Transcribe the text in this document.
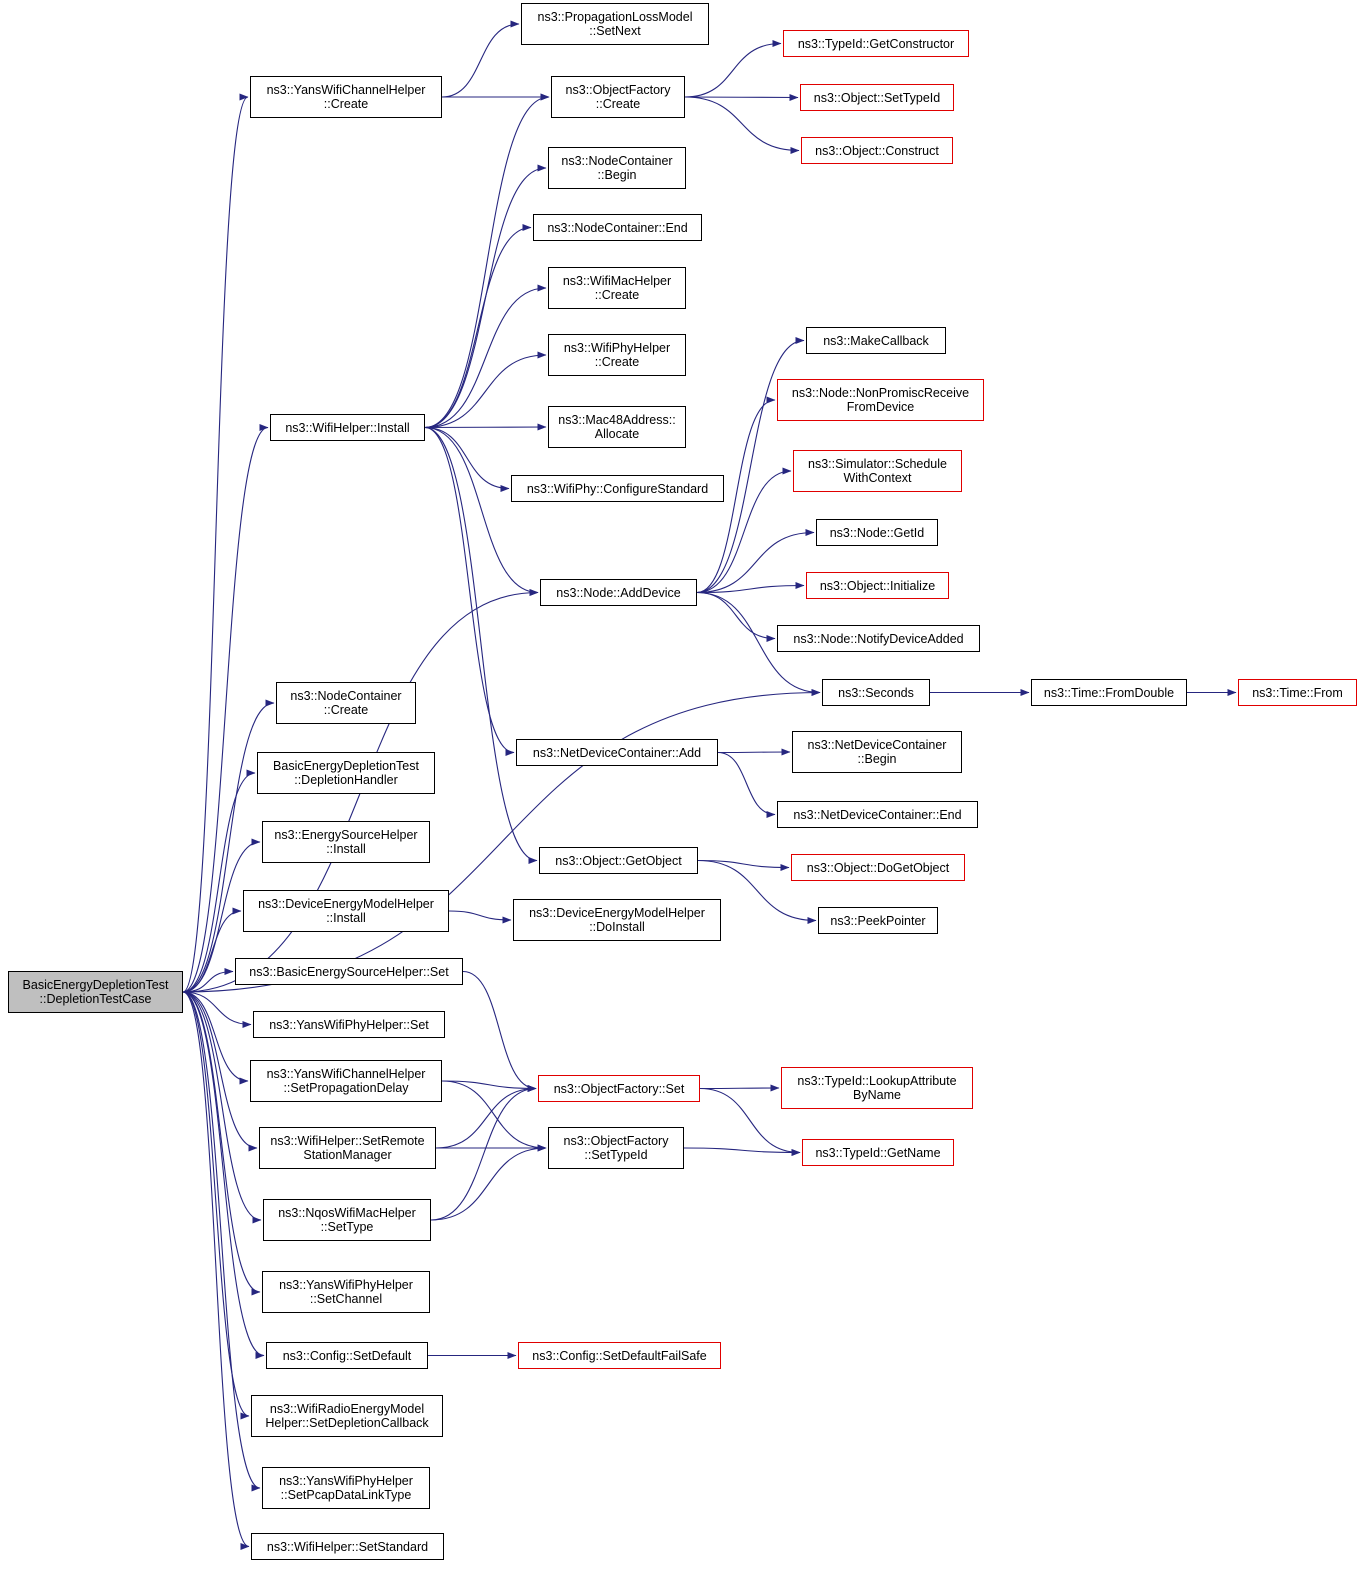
BasicEnergyDepletionTest
::DepletionTestCase
ns3::YansWifiChannelHelper
::Create
ns3::PropagationLossModel
::SetNext
ns3::ObjectFactory
::Create
ns3::TypeId::GetConstructor
ns3::Object::SetTypeId
ns3::Object::Construct
ns3::NodeContainer
::Begin
ns3::NodeContainer::End
ns3::WifiMacHelper
::Create
ns3::WifiPhyHelper
::Create
ns3::Mac48Address::
Allocate
ns3::WifiPhy::ConfigureStandard
ns3::WifiHelper::Install
ns3::MakeCallback
ns3::Node::NonPromiscReceive
FromDevice
ns3::Simulator::Schedule
WithContext
ns3::Node::GetId
ns3::Object::Initialize
ns3::Node::NotifyDeviceAdded
ns3::Node::AddDevice
ns3::Seconds	ns3::Time::FromDouble	ns3::Time::From
ns3::NodeContainer
::Create
ns3::NetDeviceContainer::Add
ns3::NetDeviceContainer
::Begin
ns3::NetDeviceContainer::End
BasicEnergyDepletionTest
::DepletionHandler
ns3::EnergySourceHelper
::Install
ns3::DeviceEnergyModelHelper
::Install	ns3::DeviceEnergyModelHelper
::DoInstall
ns3::Object::GetObject	ns3::Object::DoGetObject
ns3::PeekPointer
ns3::BasicEnergySourceHelper::Set
ns3::YansWifiPhyHelper::Set
ns3::YansWifiChannelHelper
::SetPropagationDelay	ns3::ObjectFactory::Set
ns3::TypeId::LookupAttribute
ByName
ns3::TypeId::GetName
ns3::WifiHelper::SetRemote
StationManager
ns3::ObjectFactory
::SetTypeId
ns3::NqosWifiMacHelper
::SetType
ns3::YansWifiPhyHelper
::SetChannel
ns3::Config::SetDefault	ns3::Config::SetDefaultFailSafe
ns3::WifiRadioEnergyModel
Helper::SetDepletionCallback
ns3::YansWifiPhyHelper
::SetPcapDataLinkType
ns3::WifiHelper::SetStandard
